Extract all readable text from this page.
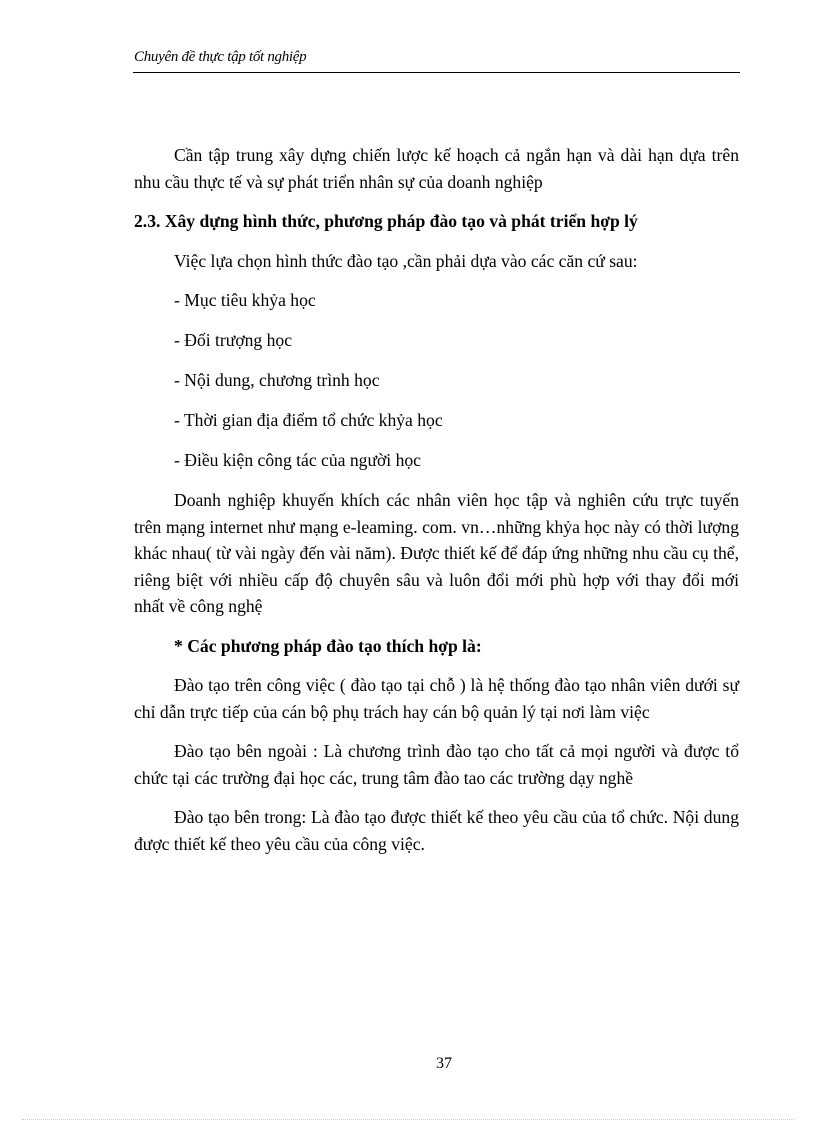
Chuyên đề thực tập tốt nghiệp

Cần tập trung xây dựng chiến lược kế hoạch cả ngắn hạn và dài hạn dựa trên nhu cầu thực tế và sự phát triển nhân sự của doanh nghiệp

2.3. Xây dựng hình thức, phương pháp đào tạo và phát triển hợp lý

Việc lựa chọn hình thức đào tạo ,cần phải dựa vào các căn cứ sau:

- Mục tiêu khỷa học
- Đối trượng học
- Nội dung, chương trình học
- Thời gian địa điểm tổ chức khỷa học
- Điều kiện công tác của người học

Doanh nghiệp khuyến khích các nhân viên học tập và nghiên cứu trực tuyến trên mạng internet như mạng e-leaming. com. vn…những khỷa học này có thời lượng khác nhau( từ vài ngày đến vài năm). Được thiết kế để đáp ứng những nhu cầu cụ thể, riêng biệt với nhiều cấp độ chuyên sâu và luôn đổi mới phù hợp với thay đổi mới nhất về công nghệ

* Các phương pháp đào tạo thích hợp là:

Đào tạo trên công việc ( đào tạo tại chỗ ) là hệ thống đào tạo nhân viên dưới sự chỉ dẫn trực tiếp của cán bộ phụ trách hay cán bộ quản lý tại nơi làm việc

Đào tạo bên ngoài : Là chương trình đào tạo cho tất cả mọi người và được tổ chức tại các trường đại học các, trung tâm đào tao các trường dạy nghề

Đào tạo bên trong: Là đào tạo được thiết kế theo yêu cầu của tổ chức. Nội dung được thiết kế theo yêu cầu của công việc.

37
